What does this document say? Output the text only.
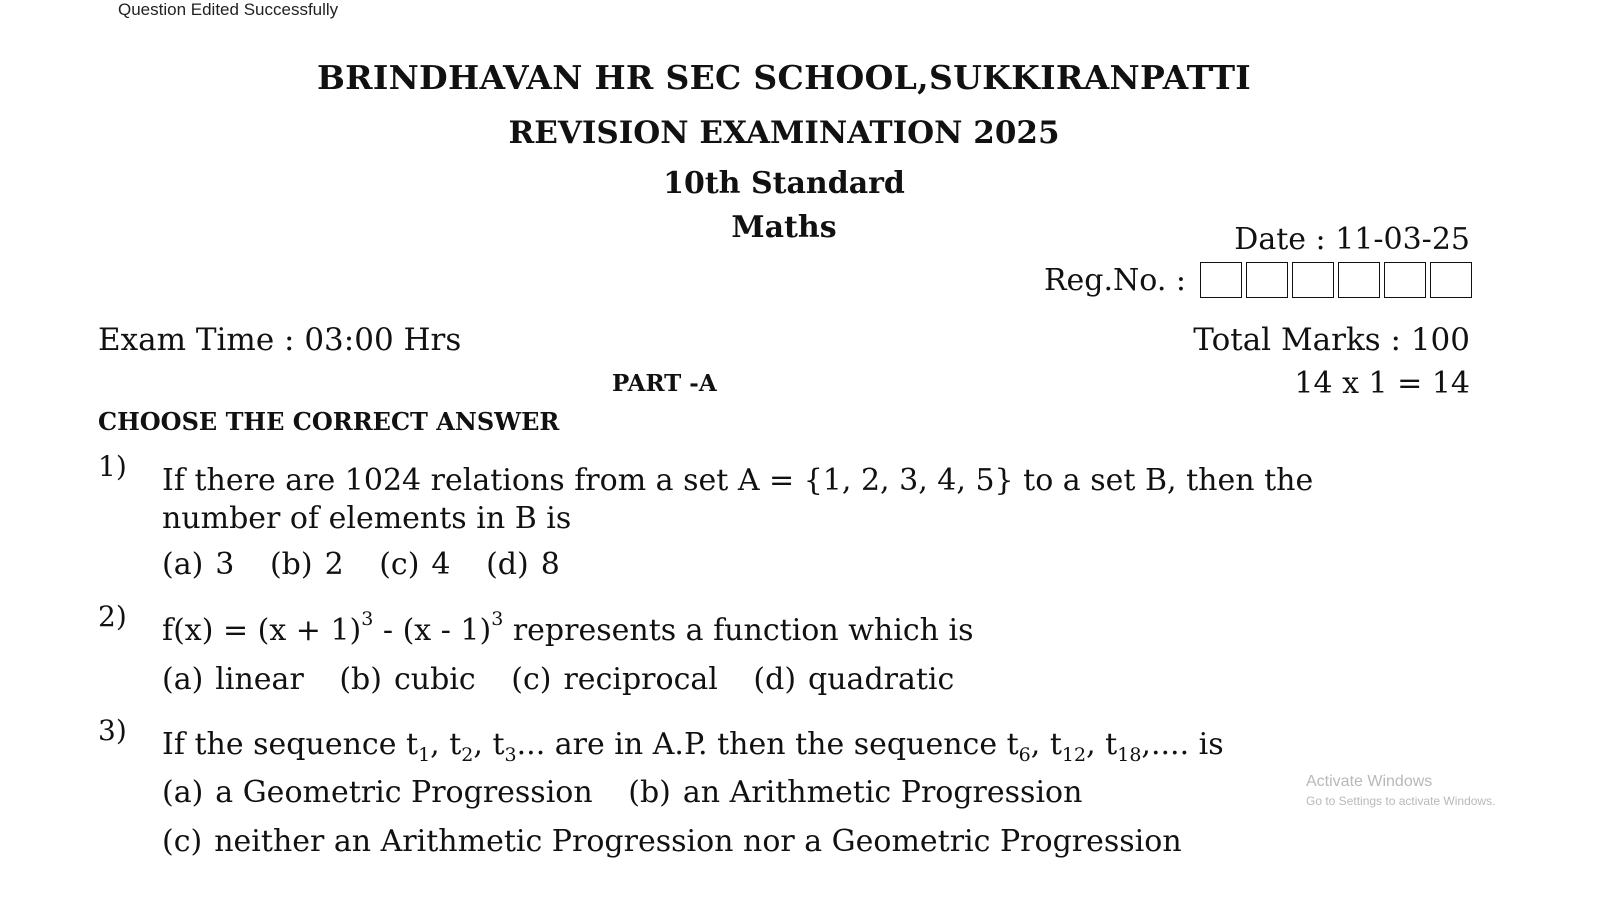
Question Edited Successfully
BRINDHAVAN HR SEC SCHOOL,SUKKIRANPATTI
REVISION EXAMINATION 2025
10th Standard
Maths	Date : 11-03-25
Reg.No. :
Exam Time : 03:00 Hrs	Total Marks : 100
PART -A	14 x 1 = 14
CHOOSE THE CORRECT ANSWER
1) If there are 1024 relations from a set A = {1, 2, 3, 4, 5} to a set B, then the
number of elements in B is
(a) 3 (b) 2 (c) 4 (d) 8
2) $f(x) = (x + 1)^3 - (x - 1)^3$ represents a function which is
(a) linear (b) cubic (c) reciprocal (d) quadratic
3) If the sequence $t_1$, $t_2$, $t_3$... are in A.P. then the sequence $t_6$, $t_{12}$, $t_{18}$,.... is
(a) a Geometric Progression (b) an Arithmetic Progression
(c) neither an Arithmetic Progression nor a Geometric Progression
Activate Windows
Go to Settings to activate Windows.
